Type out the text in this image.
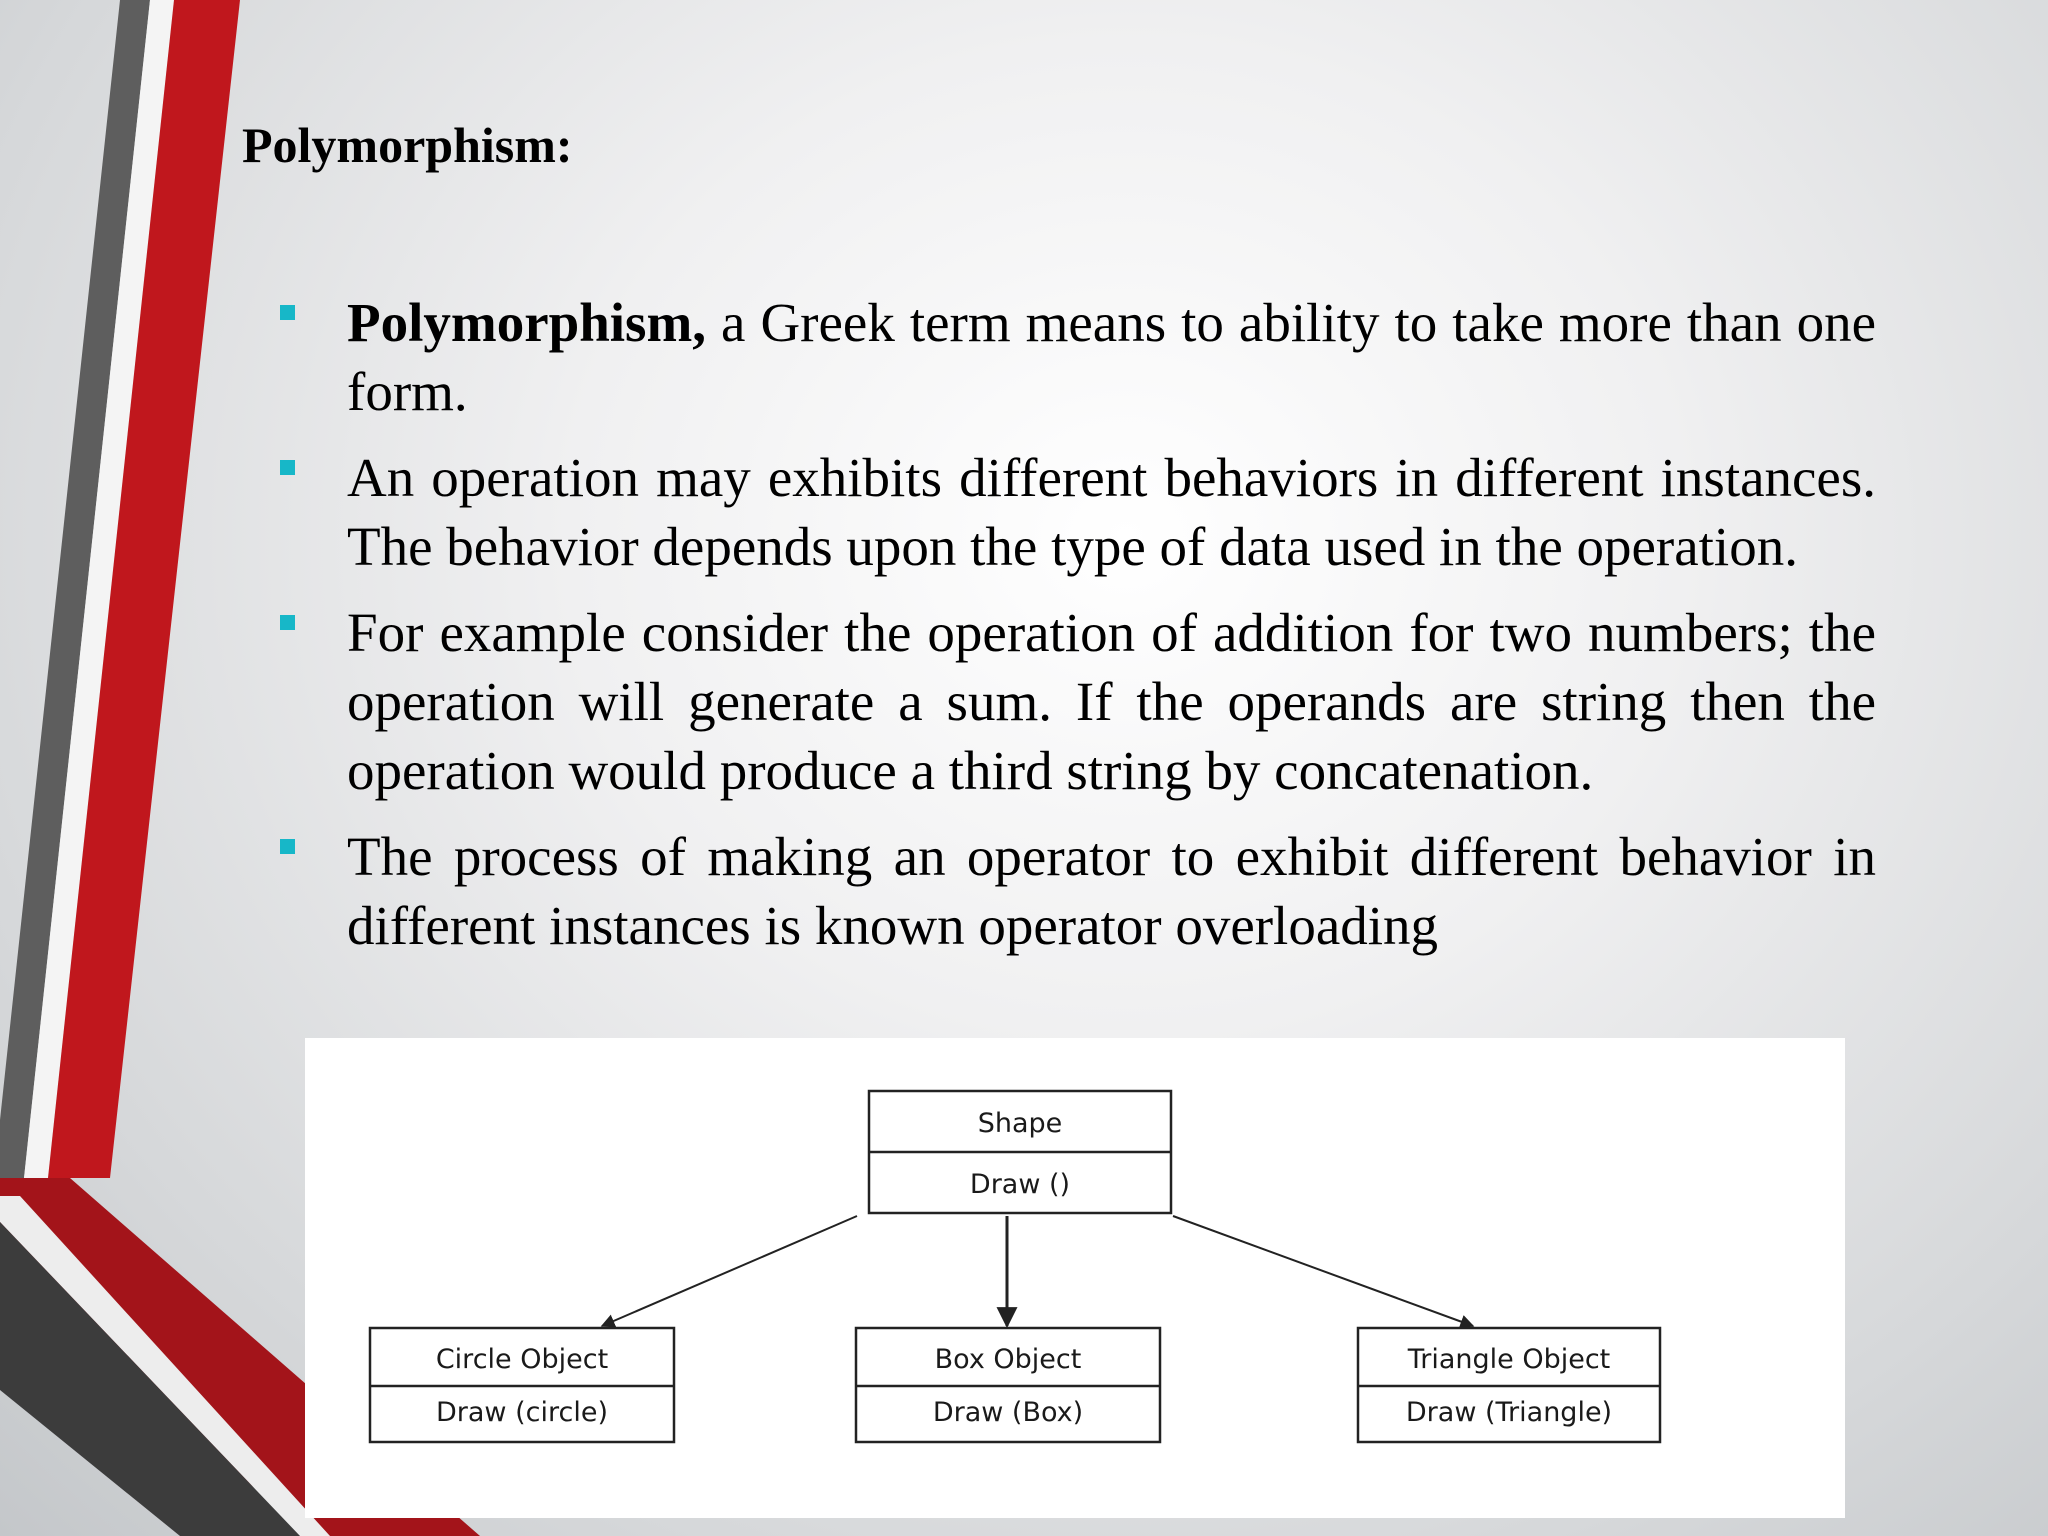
Polymorphism:
Polymorphism, a Greek term means to ability to take more than one form.
An operation may exhibits different behaviors in different instances. The behavior depends upon the type of data used in the operation.
For example consider the operation of addition for two numbers; the operation will generate a sum. If the operands are string then the operation would produce a third string by concatenation.
The process of making an operator to exhibit different behavior in different instances is known operator overloading
Shape
Draw ()
Circle Object
Draw (circle)
Box Object
Draw (Box)
Triangle Object
Draw (Triangle)
